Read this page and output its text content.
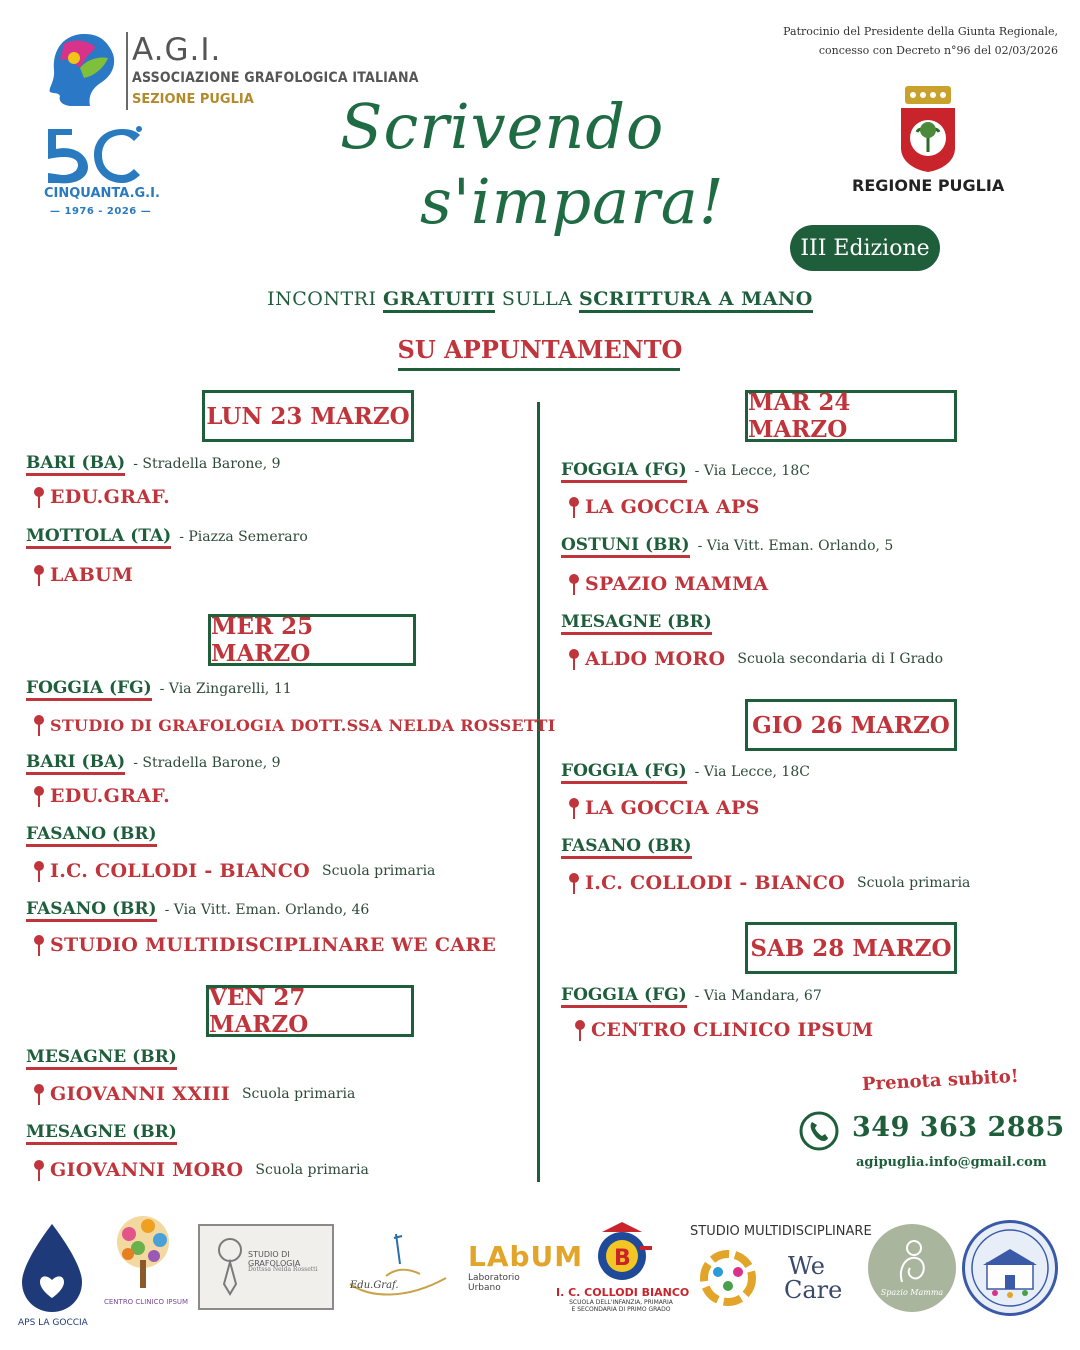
A.G.I.
ASSOCIAZIONE GRAFOLOGICA ITALIANA
SEZIONE PUGLIA
CINQUANTA.G.I.
— 1976 - 2026 —
Scrivendo
s'impara!
III Edizione
Patrocinio del Presidente della Giunta Regionale,
concesso con Decreto n°96 del 02/03/2026
REGIONE PUGLIA
INCONTRI GRATUITI SULLA SCRITTURA A MANO
SU APPUNTAMENTO
LUN 23 MARZO
BARI (BA) - Stradella Barone, 9
EDU.GRAF.
MOTTOLA (TA) - Piazza Semeraro
LABUM
MER 25 MARZO
FOGGIA (FG) - Via Zingarelli, 11
STUDIO DI GRAFOLOGIA DOTT.SSA NELDA ROSSETTI
BARI (BA) - Stradella Barone, 9
EDU.GRAF.
FASANO (BR)
I.C. COLLODI - BIANCO Scuola primaria
FASANO (BR) - Via Vitt. Eman. Orlando, 46
STUDIO MULTIDISCIPLINARE WE CARE
VEN 27 MARZO
MESAGNE (BR)
GIOVANNI XXIII Scuola primaria
MESAGNE (BR)
GIOVANNI MORO Scuola primaria
MAR 24 MARZO
FOGGIA (FG) - Via Lecce, 18C
LA GOCCIA APS
OSTUNI (BR) - Via Vitt. Eman. Orlando, 5
SPAZIO MAMMA
MESAGNE (BR)
ALDO MORO Scuola secondaria di I Grado
GIO 26 MARZO
FOGGIA (FG) - Via Lecce, 18C
LA GOCCIA APS
FASANO (BR)
I.C. COLLODI - BIANCO Scuola primaria
SAB 28 MARZO
FOGGIA (FG) - Via Mandara, 67
CENTRO CLINICO IPSUM
Prenota subito!
349 363 2885
agipuglia.info@gmail.com
APS LA GOCCIA
CENTRO CLINICO IPSUM
STUDIO DI GRAFOLOGIA
Dottssa Nelda Rossetti
Edu.Graf.
LAbUM
Laboratorio
Urbano
B
I. C. COLLODI BIANCO
SCUOLA DELL'INFANZIA, PRIMARIA
E SECONDARIA DI PRIMO GRADO
STUDIO MULTIDISCIPLINARE
We
Care	Spazio Mamma
